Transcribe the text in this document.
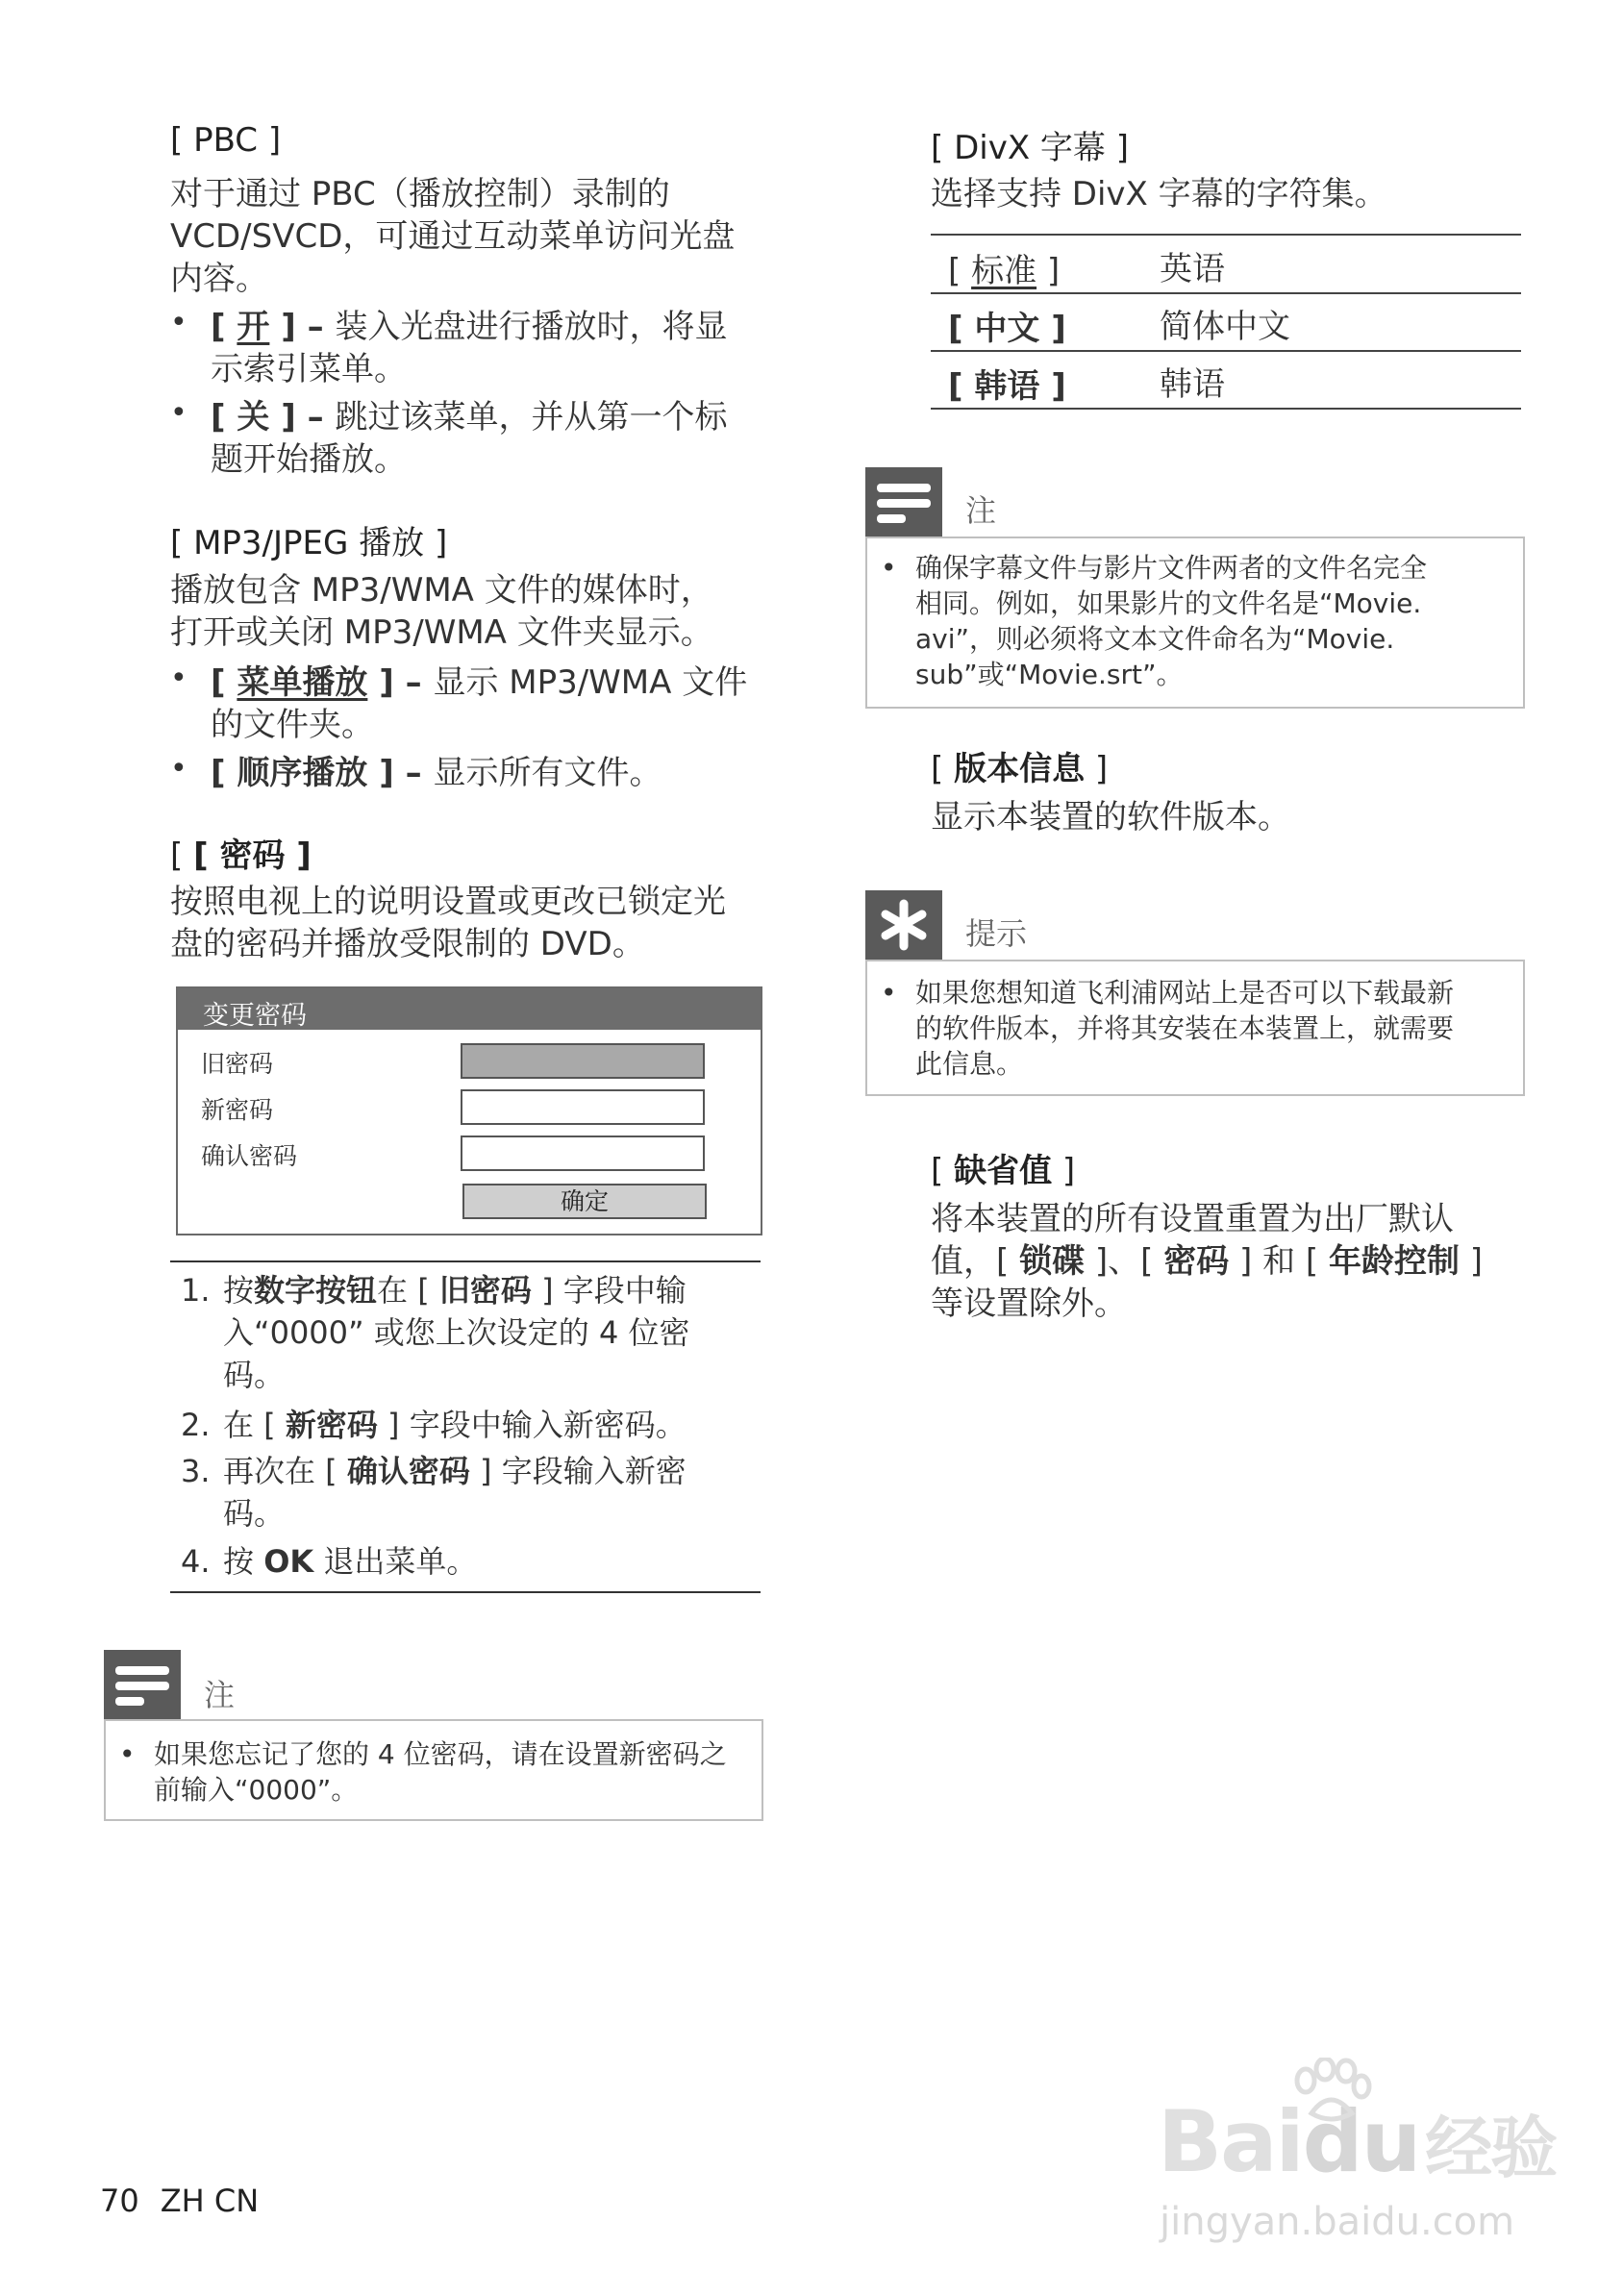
[ PBC ]
对于通过 PBC（播放控制）录制的
VCD/SVCD，可通过互动菜单访问光盘
内容。
• [ 开 ] – 装入光盘进行播放时，将显
示索引菜单。
• [ 关 ] – 跳过该菜单，并从第一个标
题开始播放。
[ MP3/JPEG 播放 ]
播放包含 MP3/WMA 文件的媒体时，
打开或关闭 MP3/WMA 文件夹显示。
• [ 菜单播放 ] – 显示 MP3/WMA 文件
的文件夹。
• [ 顺序播放 ] – 显示所有文件。
[ [ 密码 ]
按照电视上的说明设置或更改已锁定光
盘的密码并播放受限制的 DVD。
变更密码
旧密码
新密码
确认密码
确定
1. 按数字按钮在 [ 旧密码 ] 字段中输
入“0000” 或您上次设定的 4 位密
码。
2. 在 [ 新密码 ] 字段中输入新密码。
3. 再次在 [ 确认密码 ] 字段输入新密
码。
4. 按 OK 退出菜单。
注
• 如果您忘记了您的 4 位密码，请在设置新密码之
前输入“0000”。
[ DivX 字幕 ]
选择支持 DivX 字幕的字符集。
[ 标准 ]	英语
[ 中文 ]	简体中文
[ 韩语 ]	韩语
注
• 确保字幕文件与影片文件两者的文件名完全
相同。例如，如果影片的文件名是“Movie.
avi”，则必须将文本文件命名为“Movie.
sub”或“Movie.srt”。
[ 版本信息 ]
显示本装置的软件版本。
提示
• 如果您想知道飞利浦网站上是否可以下载最新
的软件版本，并将其安装在本装置上，就需要
此信息。
[ 缺省值 ]
将本装置的所有设置重置为出厂默认
值，[ 锁碟 ]、[ 密码 ] 和 [ 年龄控制 ]
等设置除外。
70 ZH CN
Baidu经验
jingyan.baidu.com
